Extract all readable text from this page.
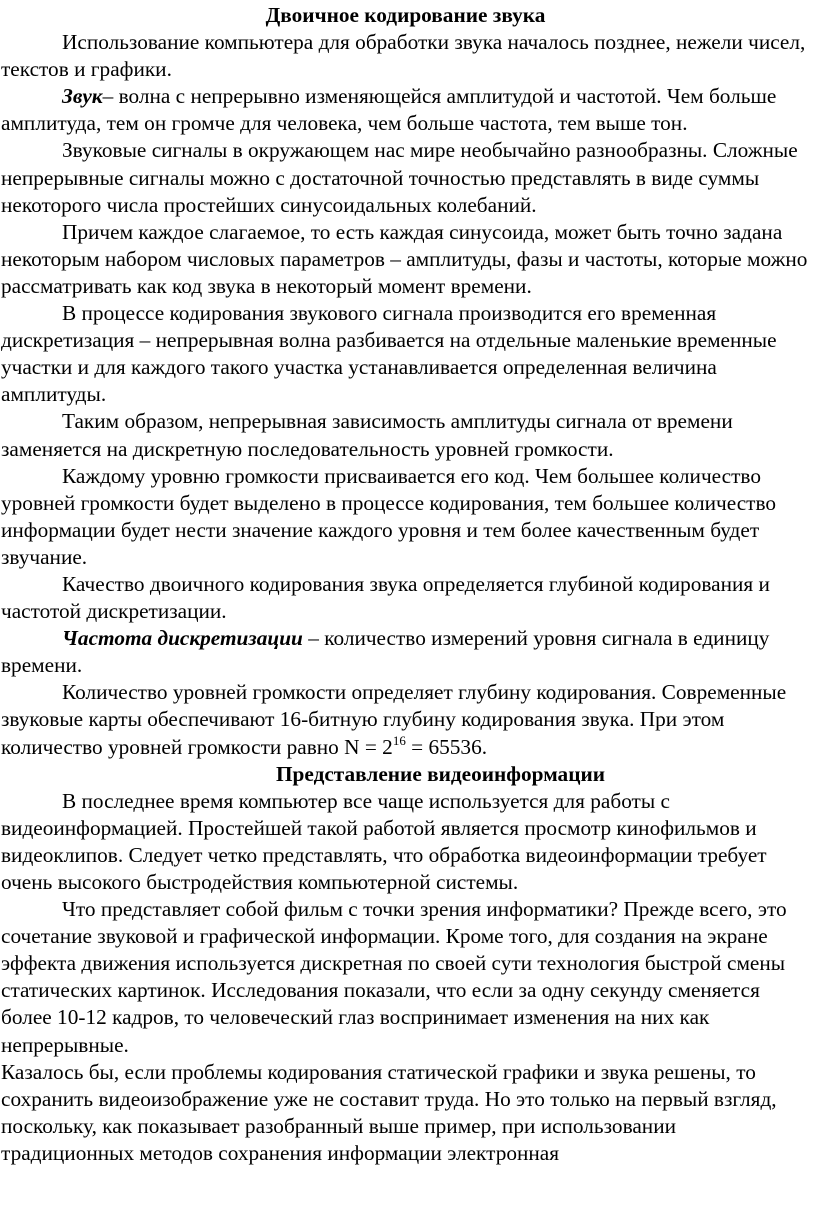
Двоичное кодирование звука

Использование компьютера для обработки звука началось позднее, нежели чисел, текстов и графики.

Звук– волна с непрерывно изменяющейся амплитудой и частотой. Чем больше амплитуда, тем он громче для человека, чем больше частота, тем выше тон.

Звуковые сигналы в окружающем нас мире необычайно разнообразны. Сложные непрерывные сигналы можно с достаточной точностью представлять в виде суммы некоторого числа простейших синусоидальных колебаний.

Причем каждое слагаемое, то есть каждая синусоида, может быть точно задана некоторым набором числовых параметров – амплитуды, фазы и частоты, которые можно рассматривать как код звука в некоторый момент времени.

В процессе кодирования звукового сигнала производится его временная дискретизация – непрерывная волна разбивается на отдельные маленькие временные участки и для каждого такого участка устанавливается определенная величина амплитуды.

Таким образом, непрерывная зависимость амплитуды сигнала от времени заменяется на дискретную последовательность уровней громкости.

Каждому уровню громкости присваивается его код. Чем большее количество уровней громкости будет выделено в процессе кодирования, тем большее количество информации будет нести значение каждого уровня и тем более качественным будет звучание.

Качество двоичного кодирования звука определяется глубиной кодирования и частотой дискретизации.

Частота дискретизации – количество измерений уровня сигнала в единицу времени.

Количество уровней громкости определяет глубину кодирования. Современные звуковые карты обеспечивают 16-битную глубину кодирования звука. При этом количество уровней громкости равно $N = 2^{16} = 65536$.

Представление видеоинформации

В последнее время компьютер все чаще используется для работы с видеоинформацией. Простейшей такой работой является просмотр кинофильмов и видеоклипов. Следует четко представлять, что обработка видеоинформации требует очень высокого быстродействия компьютерной системы.

Что представляет собой фильм с точки зрения информатики? Прежде всего, это сочетание звуковой и графической информации. Кроме того, для создания на экране эффекта движения используется дискретная по своей сути технология быстрой смены статических картинок. Исследования показали, что если за одну секунду сменяется более 10-12 кадров, то человеческий глаз воспринимает изменения на них как непрерывные.

Казалось бы, если проблемы кодирования статической графики и звука решены, то сохранить видеоизображение уже не составит труда. Но это только на первый взгляд, поскольку, как показывает разобранный выше пример, при использовании традиционных методов сохранения информации электронная
